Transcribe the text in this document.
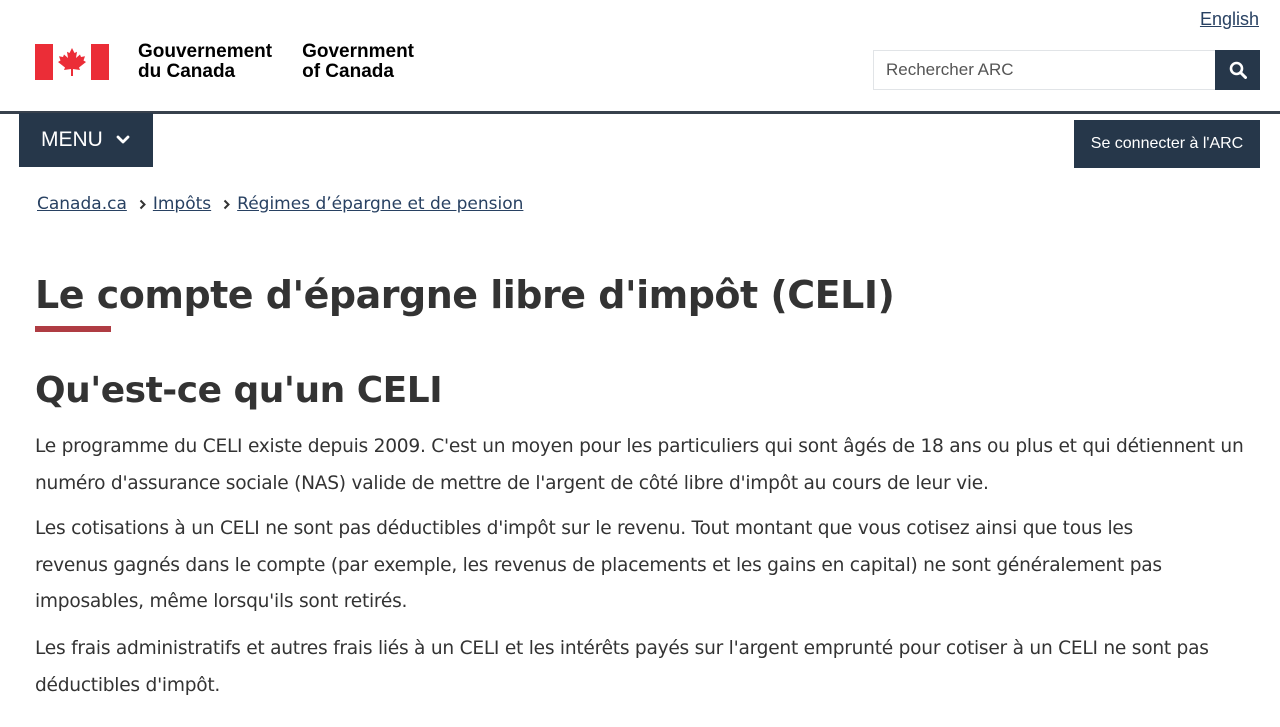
English
Gouvernement
du Canada
Government
of Canada
Rechercher ARC
MENU	Se connecter à l'ARC
Canada.ca Impôts Régimes d’épargne et de pension
Le compte d'épargne libre d'impôt (CELI)
Qu'est-ce qu'un CELI

Le programme du CELI existe depuis 2009. C'est un moyen pour les particuliers qui sont âgés de 18 ans ou plus et qui détiennent un numéro d'assurance sociale (NAS) valide de mettre de l'argent de côté libre d'impôt au cours de leur vie.

Les cotisations à un CELI ne sont pas déductibles d'impôt sur le revenu. Tout montant que vous cotisez ainsi que tous les revenus gagnés dans le compte (par exemple, les revenus de placements et les gains en capital) ne sont généralement pas imposables, même lorsqu'ils sont retirés.

Les frais administratifs et autres frais liés à un CELI et les intérêts payés sur l'argent emprunté pour cotiser à un CELI ne sont pas déductibles d'impôt.
